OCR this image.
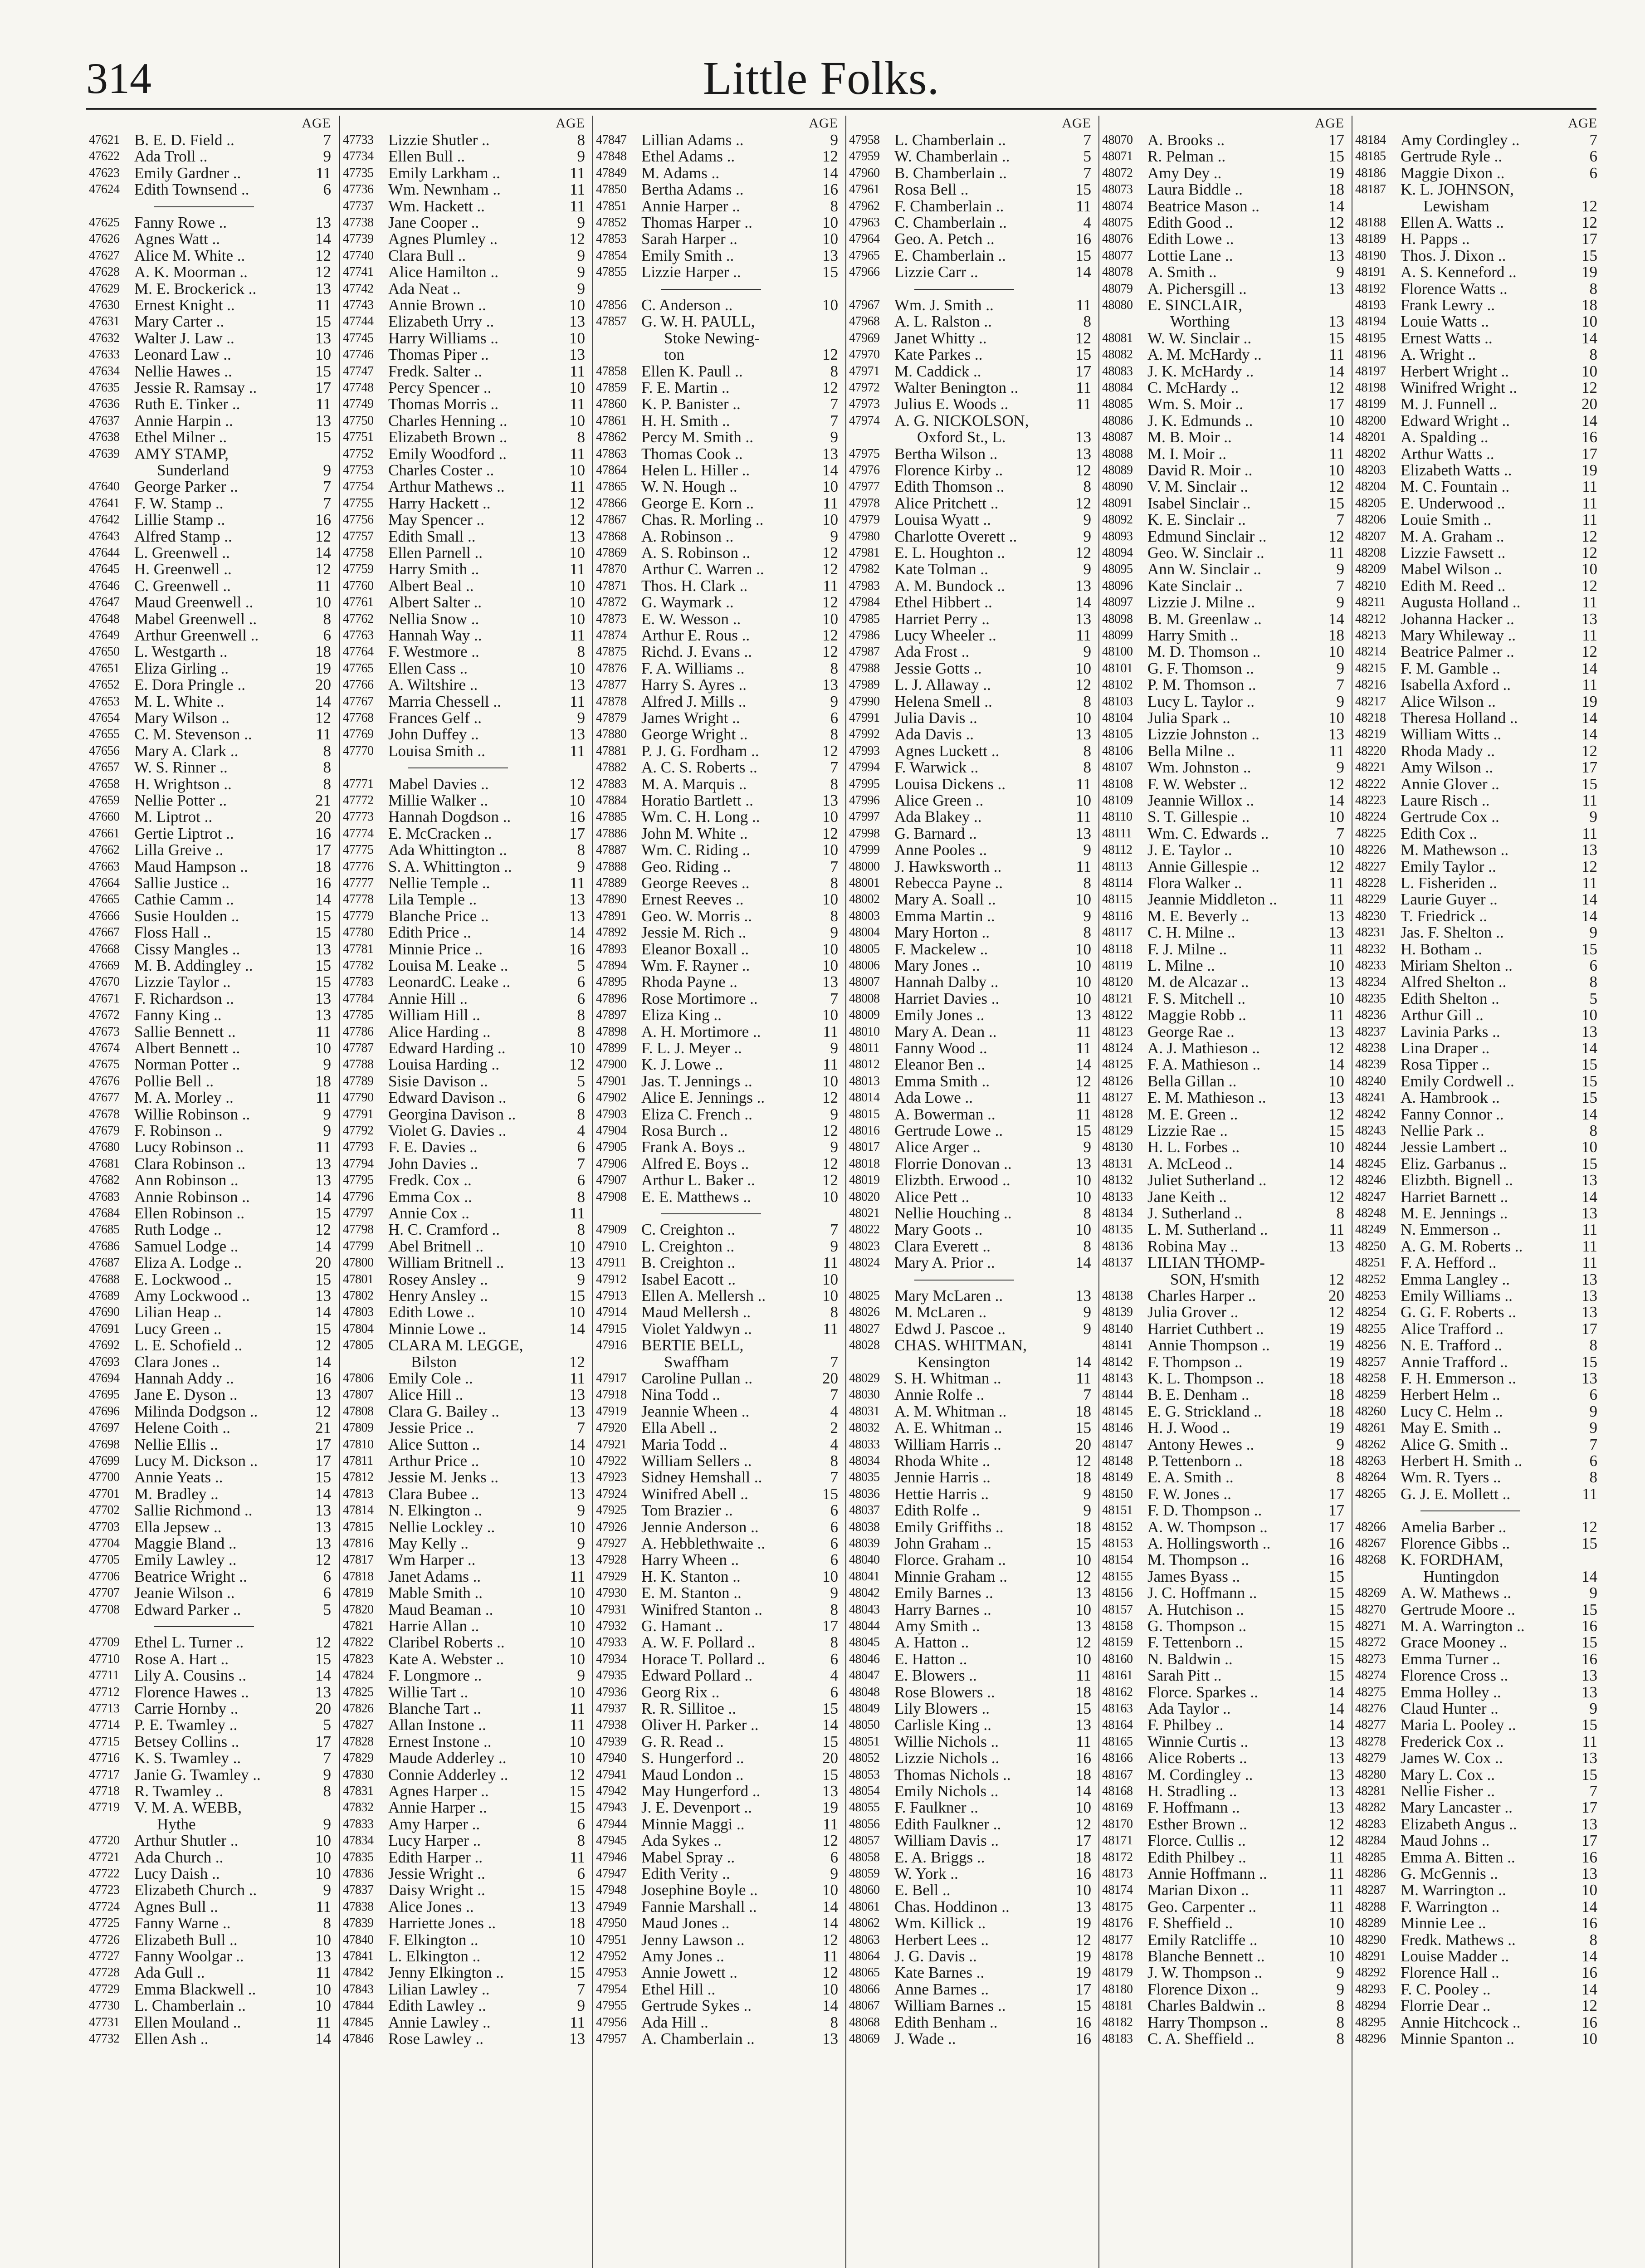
314	Little Folks.
AGE
47621 B. E. D. Field ..	7
47622 Ada Troll ..	9
47623 Emily Gardner ..	11
47624 Edith Townsend ..	6
47625 Fanny Rowe ..	13
47626 Agnes Watt ..	14
47627 Alice M. White ..	12
47628 A. K. Moorman ..	12
47629 M. E. Brockerick ..	13
47630 Ernest Knight ..	11
47631 Mary Carter ..	15
47632 Walter J. Law ..	13
47633 Leonard Law ..	10
47634 Nellie Hawes ..	15
47635 Jessie R. Ramsay ..	17
47636 Ruth E. Tinker ..	11
47637 Annie Harpin ..	13
47638 Ethel Milner ..	15
47639 AMY STAMP,
Sunderland	9
47640 George Parker ..	7
47641 F. W. Stamp ..	7
47642 Lillie Stamp ..	16
47643 Alfred Stamp ..	12
47644 L. Greenwell ..	14
47645 H. Greenwell ..	12
47646 C. Greenwell ..	11
47647 Maud Greenwell ..	10
47648 Mabel Greenwell ..	8
47649 Arthur Greenwell ..	6
47650 L. Westgarth ..	18
47651 Eliza Girling ..	19
47652 E. Dora Pringle ..	20
47653 M. L. White ..	14
47654 Mary Wilson ..	12
47655 C. M. Stevenson ..	11
47656 Mary A. Clark ..	8
47657 W. S. Rinner ..	8
47658 H. Wrightson ..	8
47659 Nellie Potter ..	21
47660 M. Liptrot ..	20
47661 Gertie Liptrot ..	16
47662 Lilla Greive ..	17
47663 Maud Hampson ..	18
47664 Sallie Justice ..	16
47665 Cathie Camm ..	14
47666 Susie Houlden ..	15
47667 Floss Hall ..	15
47668 Cissy Mangles ..	13
47669 M. B. Addingley ..	15
47670 Lizzie Taylor ..	15
47671 F. Richardson ..	13
47672 Fanny King ..	13
47673 Sallie Bennett ..	11
47674 Albert Bennett ..	10
47675 Norman Potter ..	9
47676 Pollie Bell ..	18
47677 M. A. Morley ..	11
47678 Willie Robinson ..	9
47679 F. Robinson ..	9
47680 Lucy Robinson ..	11
47681 Clara Robinson ..	13
47682 Ann Robinson ..	13
47683 Annie Robinson ..	14
47684 Ellen Robinson ..	15
47685 Ruth Lodge ..	12
47686 Samuel Lodge ..	14
47687 Eliza A. Lodge ..	20
47688 E. Lockwood ..	15
47689 Amy Lockwood ..	13
47690 Lilian Heap ..	14
47691 Lucy Green ..	15
47692 L. E. Schofield ..	12
47693 Clara Jones ..	14
47694 Hannah Addy ..	16
47695 Jane E. Dyson ..	13
47696 Milinda Dodgson ..	12
47697 Helene Coith ..	21
47698 Nellie Ellis ..	17
47699 Lucy M. Dickson ..	17
47700 Annie Yeats ..	15
47701 M. Bradley ..	14
47702 Sallie Richmond ..	13
47703 Ella Jepsew ..	13
47704 Maggie Bland ..	13
47705 Emily Lawley ..	12
47706 Beatrice Wright ..	6
47707 Jeanie Wilson ..	6
47708 Edward Parker ..	5
47709 Ethel L. Turner ..	12
47710 Rose A. Hart ..	15
47711 Lily A. Cousins ..	14
47712 Florence Hawes ..	13
47713 Carrie Hornby ..	20
47714 P. E. Twamley ..	5
47715 Betsey Collins ..	17
47716 K. S. Twamley ..	7
47717 Janie G. Twamley ..	9
47718 R. Twamley ..	8
47719 V. M. A. WEBB,
Hythe	9
47720 Arthur Shutler ..	10
47721 Ada Church ..	10
47722 Lucy Daish ..	10
47723 Elizabeth Church ..	9
47724 Agnes Bull ..	11
47725 Fanny Warne ..	8
47726 Elizabeth Bull ..	10
47727 Fanny Woolgar ..	13
47728 Ada Gull ..	11
47729 Emma Blackwell ..	10
47730 L. Chamberlain ..	10
47731 Ellen Mouland ..	11
47732 Ellen Ash ..	14
AGE
47733 Lizzie Shutler ..	8
47734 Ellen Bull ..	9
47735 Emily Larkham ..	11
47736 Wm. Newnham ..	11
47737 Wm. Hackett ..	11
47738 Jane Cooper ..	9
47739 Agnes Plumley ..	12
47740 Clara Bull ..	9
47741 Alice Hamilton ..	9
47742 Ada Neat ..	9
47743 Annie Brown ..	10
47744 Elizabeth Urry ..	13
47745 Harry Williams ..	10
47746 Thomas Piper ..	13
47747 Fredk. Salter ..	11
47748 Percy Spencer ..	10
47749 Thomas Morris ..	11
47750 Charles Henning ..	10
47751 Elizabeth Brown ..	8
47752 Emily Woodford ..	11
47753 Charles Coster ..	10
47754 Arthur Mathews ..	11
47755 Harry Hackett ..	12
47756 May Spencer ..	12
47757 Edith Small ..	13
47758 Ellen Parnell ..	10
47759 Harry Smith ..	11
47760 Albert Beal ..	10
47761 Albert Salter ..	10
47762 Nellia Snow ..	10
47763 Hannah Way ..	11
47764 F. Westmore ..	8
47765 Ellen Cass ..	10
47766 A. Wiltshire ..	13
47767 Marria Chessell ..	11
47768 Frances Gelf ..	9
47769 John Duffey ..	13
47770 Louisa Smith ..	11
47771 Mabel Davies ..	12
47772 Millie Walker ..	10
47773 Hannah Dogdson ..	16
47774 E. McCracken ..	17
47775 Ada Whittington ..	8
47776 S. A. Whittington ..	9
47777 Nellie Temple ..	11
47778 Lila Temple ..	13
47779 Blanche Price ..	13
47780 Edith Price ..	14
47781 Minnie Price ..	16
47782 Louisa M. Leake ..	5
47783 LeonardC. Leake ..	6
47784 Annie Hill ..	6
47785 William Hill ..	8
47786 Alice Harding ..	8
47787 Edward Harding ..	10
47788 Louisa Harding ..	12
47789 Sisie Davison ..	5
47790 Edward Davison ..	6
47791 Georgina Davison ..	8
47792 Violet G. Davies ..	4
47793 F. E. Davies ..	6
47794 John Davies ..	7
47795 Fredk. Cox ..	6
47796 Emma Cox ..	8
47797 Annie Cox ..	11
47798 H. C. Cramford ..	8
47799 Abel Britnell ..	10
47800 William Britnell ..	13
47801 Rosey Ansley ..	9
47802 Henry Ansley ..	15
47803 Edith Lowe ..	10
47804 Minnie Lowe ..	14
47805 CLARA M. LEGGE,
Bilston	12
47806 Emily Cole ..	11
47807 Alice Hill ..	13
47808 Clara G. Bailey ..	13
47809 Jessie Price ..	7
47810 Alice Sutton ..	14
47811 Arthur Price ..	10
47812 Jessie M. Jenks ..	13
47813 Clara Bubee ..	13
47814 N. Elkington ..	9
47815 Nellie Lockley ..	10
47816 May Kelly ..	9
47817 Wm Harper ..	13
47818 Janet Adams ..	11
47819 Mable Smith ..	10
47820 Maud Beaman ..	10
47821 Harrie Allan ..	10
47822 Claribel Roberts ..	10
47823 Kate A. Webster ..	10
47824 F. Longmore ..	9
47825 Willie Tart ..	10
47826 Blanche Tart ..	11
47827 Allan Instone ..	11
47828 Ernest Instone ..	10
47829 Maude Adderley ..	10
47830 Connie Adderley ..	12
47831 Agnes Harper ..	15
47832 Annie Harper ..	15
47833 Amy Harper ..	6
47834 Lucy Harper ..	8
47835 Edith Harper ..	11
47836 Jessie Wright ..	6
47837 Daisy Wright ..	15
47838 Alice Jones ..	13
47839 Harriette Jones ..	18
47840 F. Elkington ..	10
47841 L. Elkington ..	12
47842 Jenny Elkington ..	15
47843 Lilian Lawley ..	7
47844 Edith Lawley ..	9
47845 Annie Lawley ..	11
47846 Rose Lawley ..	13
AGE
47847 Lillian Adams ..	9
47848 Ethel Adams ..	12
47849 M. Adams ..	14
47850 Bertha Adams ..	16
47851 Annie Harper ..	8
47852 Thomas Harper ..	10
47853 Sarah Harper ..	10
47854 Emily Smith ..	13
47855 Lizzie Harper ..	15
47856 C. Anderson ..	10
47857 G. W. H. PAULL,
Stoke Newing-
ton	12
47858 Ellen K. Paull ..	8
47859 F. E. Martin ..	12
47860 K. P. Banister ..	7
47861 H. H. Smith ..	7
47862 Percy M. Smith ..	9
47863 Thomas Cook ..	13
47864 Helen L. Hiller ..	14
47865 W. N. Hough ..	10
47866 George E. Korn ..	11
47867 Chas. R. Morling ..	10
47868 A. Robinson ..	9
47869 A. S. Robinson ..	12
47870 Arthur C. Warren ..	12
47871 Thos. H. Clark ..	11
47872 G. Waymark ..	12
47873 E. W. Wesson ..	10
47874 Arthur E. Rous ..	12
47875 Richd. J. Evans ..	12
47876 F. A. Williams ..	8
47877 Harry S. Ayres ..	13
47878 Alfred J. Mills ..	9
47879 James Wright ..	6
47880 George Wright ..	8
47881 P. J. G. Fordham ..	12
47882 A. C. S. Roberts ..	7
47883 M. A. Marquis ..	8
47884 Horatio Bartlett ..	13
47885 Wm. C. H. Long ..	10
47886 John M. White ..	12
47887 Wm. C. Riding ..	10
47888 Geo. Riding ..	7
47889 George Reeves ..	8
47890 Ernest Reeves ..	10
47891 Geo. W. Morris ..	8
47892 Jessie M. Rich ..	9
47893 Eleanor Boxall ..	10
47894 Wm. F. Rayner ..	10
47895 Rhoda Payne ..	13
47896 Rose Mortimore ..	7
47897 Eliza King ..	10
47898 A. H. Mortimore ..	11
47899 F. L. J. Meyer ..	9
47900 K. J. Lowe ..	11
47901 Jas. T. Jennings ..	10
47902 Alice E. Jennings ..	12
47903 Eliza C. French ..	9
47904 Rosa Burch ..	12
47905 Frank A. Boys ..	9
47906 Alfred E. Boys ..	12
47907 Arthur L. Baker ..	12
47908 E. E. Matthews ..	10
47909 C. Creighton ..	7
47910 L. Creighton ..	9
47911 B. Creighton ..	11
47912 Isabel Eacott ..	10
47913 Ellen A. Mellersh ..	10
47914 Maud Mellersh ..	8
47915 Violet Yaldwyn ..	11
47916 BERTIE BELL,
Swaffham	7
47917 Caroline Pullan ..	20
47918 Nina Todd ..	7
47919 Jeannie Wheen ..	4
47920 Ella Abell ..	2
47921 Maria Todd ..	4
47922 William Sellers ..	8
47923 Sidney Hemshall ..	7
47924 Winifred Abell ..	15
47925 Tom Brazier ..	6
47926 Jennie Anderson ..	6
47927 A. Hebblethwaite ..	6
47928 Harry Wheen ..	6
47929 H. K. Stanton ..	10
47930 E. M. Stanton ..	9
47931 Winifred Stanton ..	8
47932 G. Hamant ..	17
47933 A. W. F. Pollard ..	8
47934 Horace T. Pollard ..	6
47935 Edward Pollard ..	4
47936 Georg Rix ..	6
47937 R. R. Sillitoe ..	15
47938 Oliver H. Parker ..	14
47939 G. R. Read ..	15
47940 S. Hungerford ..	20
47941 Maud London ..	15
47942 May Hungerford ..	13
47943 J. E. Devenport ..	19
47944 Minnie Maggi ..	11
47945 Ada Sykes ..	12
47946 Mabel Spray ..	6
47947 Edith Verity ..	9
47948 Josephine Boyle ..	10
47949 Fannie Marshall ..	14
47950 Maud Jones ..	14
47951 Jenny Lawson ..	12
47952 Amy Jones ..	11
47953 Annie Jowett ..	12
47954 Ethel Hill ..	10
47955 Gertrude Sykes ..	14
47956 Ada Hill ..	8
47957 A. Chamberlain ..	13
AGE
47958 L. Chamberlain ..	7
47959 W. Chamberlain ..	5
47960 B. Chamberlain ..	7
47961 Rosa Bell ..	15
47962 F. Chamberlain ..	11
47963 C. Chamberlain ..	4
47964 Geo. A. Petch ..	16
47965 E. Chamberlain ..	15
47966 Lizzie Carr ..	14
47967 Wm. J. Smith ..	11
47968 A. L. Ralston ..	8
47969 Janet Whitty ..	12
47970 Kate Parkes ..	15
47971 M. Caddick ..	17
47972 Walter Benington ..	11
47973 Julius E. Woods ..	11
47974 A. G. NICKOLSON,
Oxford St., L.	13
47975 Bertha Wilson ..	13
47976 Florence Kirby ..	12
47977 Edith Thomson ..	8
47978 Alice Pritchett ..	12
47979 Louisa Wyatt ..	9
47980 Charlotte Overett ..	9
47981 E. L. Houghton ..	12
47982 Kate Tolman ..	9
47983 A. M. Bundock ..	13
47984 Ethel Hibbert ..	14
47985 Harriet Perry ..	13
47986 Lucy Wheeler ..	11
47987 Ada Frost ..	9
47988 Jessie Gotts ..	10
47989 L. J. Allaway ..	12
47990 Helena Smell ..	8
47991 Julia Davis ..	10
47992 Ada Davis ..	13
47993 Agnes Luckett ..	8
47994 F. Warwick ..	8
47995 Louisa Dickens ..	11
47996 Alice Green ..	10
47997 Ada Blakey ..	11
47998 G. Barnard ..	13
47999 Anne Pooles ..	9
48000 J. Hawksworth ..	11
48001 Rebecca Payne ..	8
48002 Mary A. Soall ..	10
48003 Emma Martin ..	9
48004 Mary Horton ..	8
48005 F. Mackelew ..	10
48006 Mary Jones ..	10
48007 Hannah Dalby ..	10
48008 Harriet Davies ..	10
48009 Emily Jones ..	13
48010 Mary A. Dean ..	11
48011 Fanny Wood ..	11
48012 Eleanor Ben ..	14
48013 Emma Smith ..	12
48014 Ada Lowe ..	11
48015 A. Bowerman ..	11
48016 Gertrude Lowe ..	15
48017 Alice Arger ..	9
48018 Florrie Donovan ..	13
48019 Elizbth. Erwood ..	10
48020 Alice Pett ..	10
48021 Nellie Houching ..	8
48022 Mary Goots ..	10
48023 Clara Everett ..	8
48024 Mary A. Prior ..	14
48025 Mary McLaren ..	13
48026 M. McLaren ..	9
48027 Edwd J. Pascoe ..	9
48028 CHAS. WHITMAN,
Kensington	14
48029 S. H. Whitman ..	11
48030 Annie Rolfe ..	7
48031 A. M. Whitman ..	18
48032 A. E. Whitman ..	15
48033 William Harris ..	20
48034 Rhoda White ..	12
48035 Jennie Harris ..	18
48036 Hettie Harris ..	9
48037 Edith Rolfe ..	9
48038 Emily Griffiths ..	18
48039 John Graham ..	15
48040 Florce. Graham ..	10
48041 Minnie Graham ..	12
48042 Emily Barnes ..	13
48043 Harry Barnes ..	10
48044 Amy Smith ..	13
48045 A. Hatton ..	12
48046 E. Hatton ..	10
48047 E. Blowers ..	11
48048 Rose Blowers ..	18
48049 Lily Blowers ..	15
48050 Carlisle King ..	13
48051 Willie Nichols ..	11
48052 Lizzie Nichols ..	16
48053 Thomas Nichols ..	18
48054 Emily Nichols ..	14
48055 F. Faulkner ..	10
48056 Edith Faulkner ..	12
48057 William Davis ..	17
48058 E. A. Briggs ..	18
48059 W. York ..	16
48060 E. Bell ..	10
48061 Chas. Hoddinon ..	13
48062 Wm. Killick ..	19
48063 Herbert Lees ..	12
48064 J. G. Davis ..	19
48065 Kate Barnes ..	19
48066 Anne Barnes ..	17
48067 William Barnes ..	15
48068 Edith Benham ..	16
48069 J. Wade ..	16
AGE
48070 A. Brooks ..	17
48071 R. Pelman ..	15
48072 Amy Dey ..	19
48073 Laura Biddle ..	18
48074 Beatrice Mason ..	14
48075 Edith Good ..	12
48076 Edith Lowe ..	13
48077 Lottie Lane ..	13
48078 A. Smith ..	9
48079 A. Pichersgill ..	13
48080 E. SINCLAIR,
Worthing	13
48081 W. W. Sinclair ..	15
48082 A. M. McHardy ..	11
48083 J. K. McHardy ..	14
48084 C. McHardy ..	12
48085 Wm. S. Moir ..	17
48086 J. K. Edmunds ..	10
48087 M. B. Moir ..	14
48088 M. I. Moir ..	11
48089 David R. Moir ..	10
48090 V. M. Sinclair ..	12
48091 Isabel Sinclair ..	15
48092 K. E. Sinclair ..	7
48093 Edmund Sinclair ..	12
48094 Geo. W. Sinclair ..	11
48095 Ann W. Sinclair ..	9
48096 Kate Sinclair ..	7
48097 Lizzie J. Milne ..	9
48098 B. M. Greenlaw ..	14
48099 Harry Smith ..	18
48100 M. D. Thomson ..	10
48101 G. F. Thomson ..	9
48102 P. M. Thomson ..	7
48103 Lucy L. Taylor ..	9
48104 Julia Spark ..	10
48105 Lizzie Johnston ..	13
48106 Bella Milne ..	11
48107 Wm. Johnston ..	9
48108 F. W. Webster ..	12
48109 Jeannie Willox ..	14
48110 S. T. Gillespie ..	10
48111 Wm. C. Edwards ..	7
48112 J. E. Taylor ..	10
48113 Annie Gillespie ..	12
48114 Flora Walker ..	11
48115 Jeannie Middleton ..	11
48116 M. E. Beverly ..	13
48117 C. H. Milne ..	13
48118 F. J. Milne ..	11
48119 L. Milne ..	10
48120 M. de Alcazar ..	13
48121 F. S. Mitchell ..	10
48122 Maggie Robb ..	11
48123 George Rae ..	13
48124 A. J. Mathieson ..	12
48125 F. A. Mathieson ..	14
48126 Bella Gillan ..	10
48127 E. M. Mathieson ..	13
48128 M. E. Green ..	12
48129 Lizzie Rae ..	15
48130 H. L. Forbes ..	10
48131 A. McLeod ..	14
48132 Juliet Sutherland ..	12
48133 Jane Keith ..	12
48134 J. Sutherland ..	8
48135 L. M. Sutherland ..	11
48136 Robina May ..	13
48137 LILIAN THOMP-
SON, H'smith	12
48138 Charles Harper ..	20
48139 Julia Grover ..	12
48140 Harriet Cuthbert ..	19
48141 Annie Thompson ..	19
48142 F. Thompson ..	19
48143 K. L. Thompson ..	18
48144 B. E. Denham ..	18
48145 E. G. Strickland ..	18
48146 H. J. Wood ..	19
48147 Antony Hewes ..	9
48148 P. Tettenborn ..	18
48149 E. A. Smith ..	8
48150 F. W. Jones ..	17
48151 F. D. Thompson ..	17
48152 A. W. Thompson ..	17
48153 A. Hollingsworth ..	16
48154 M. Thompson ..	16
48155 James Byass ..	15
48156 J. C. Hoffmann ..	15
48157 A. Hutchison ..	15
48158 G. Thompson ..	15
48159 F. Tettenborn ..	15
48160 N. Baldwin ..	15
48161 Sarah Pitt ..	15
48162 Florce. Sparkes ..	14
48163 Ada Taylor ..	14
48164 F. Philbey ..	14
48165 Winnie Curtis ..	13
48166 Alice Roberts ..	13
48167 M. Cordingley ..	13
48168 H. Stradling ..	13
48169 F. Hoffmann ..	13
48170 Esther Brown ..	12
48171 Florce. Cullis ..	12
48172 Edith Philbey ..	11
48173 Annie Hoffmann ..	11
48174 Marian Dixon ..	11
48175 Geo. Carpenter ..	11
48176 F. Sheffield ..	10
48177 Emily Ratcliffe ..	10
48178 Blanche Bennett ..	10
48179 J. W. Thompson ..	9
48180 Florence Dixon ..	9
48181 Charles Baldwin ..	8
48182 Harry Thompson ..	8
48183 C. A. Sheffield ..	8
AGE
48184 Amy Cordingley ..	7
48185 Gertrude Ryle ..	6
48186 Maggie Dixon ..	6
48187 K. L. JOHNSON,
Lewisham	12
48188 Ellen A. Watts ..	12
48189 H. Papps ..	17
48190 Thos. J. Dixon ..	15
48191 A. S. Kenneford ..	19
48192 Florence Watts ..	8
48193 Frank Lewry ..	18
48194 Louie Watts ..	10
48195 Ernest Watts ..	14
48196 A. Wright ..	8
48197 Herbert Wright ..	10
48198 Winifred Wright ..	12
48199 M. J. Funnell ..	20
48200 Edward Wright ..	14
48201 A. Spalding ..	16
48202 Arthur Watts ..	17
48203 Elizabeth Watts ..	19
48204 M. C. Fountain ..	11
48205 E. Underwood ..	11
48206 Louie Smith ..	11
48207 M. A. Graham ..	12
48208 Lizzie Fawsett ..	12
48209 Mabel Wilson ..	10
48210 Edith M. Reed ..	12
48211 Augusta Holland ..	11
48212 Johanna Hacker ..	13
48213 Mary Whileway ..	11
48214 Beatrice Palmer ..	12
48215 F. M. Gamble ..	14
48216 Isabella Axford ..	11
48217 Alice Wilson ..	19
48218 Theresa Holland ..	14
48219 William Witts ..	14
48220 Rhoda Mady ..	12
48221 Amy Wilson ..	17
48222 Annie Glover ..	15
48223 Laure Risch ..	11
48224 Gertrude Cox ..	9
48225 Edith Cox ..	11
48226 M. Mathewson ..	13
48227 Emily Taylor ..	12
48228 L. Fisheriden ..	11
48229 Laurie Guyer ..	14
48230 T. Friedrick ..	14
48231 Jas. F. Shelton ..	9
48232 H. Botham ..	15
48233 Miriam Shelton ..	6
48234 Alfred Shelton ..	8
48235 Edith Shelton ..	5
48236 Arthur Gill ..	10
48237 Lavinia Parks ..	13
48238 Lina Draper ..	14
48239 Rosa Tipper ..	15
48240 Emily Cordwell ..	15
48241 A. Hambrook ..	15
48242 Fanny Connor ..	14
48243 Nellie Park ..	8
48244 Jessie Lambert ..	10
48245 Eliz. Garbanus ..	15
48246 Elizbth. Bignell ..	13
48247 Harriet Barnett ..	14
48248 M. E. Jennings ..	13
48249 N. Emmerson ..	11
48250 A. G. M. Roberts ..	11
48251 F. A. Hefford ..	11
48252 Emma Langley ..	13
48253 Emily Williams ..	13
48254 G. G. F. Roberts ..	13
48255 Alice Trafford ..	17
48256 N. E. Trafford ..	8
48257 Annie Trafford ..	15
48258 F. H. Emmerson ..	13
48259 Herbert Helm ..	6
48260 Lucy C. Helm ..	9
48261 May E. Smith ..	9
48262 Alice G. Smith ..	7
48263 Herbert H. Smith ..	6
48264 Wm. R. Tyers ..	8
48265 G. J. E. Mollett ..	11
48266 Amelia Barber ..	12
48267 Florence Gibbs ..	15
48268 K. FORDHAM,
Huntingdon	14
48269 A. W. Mathews ..	9
48270 Gertrude Moore ..	15
48271 M. A. Warrington ..	16
48272 Grace Mooney ..	15
48273 Emma Turner ..	16
48274 Florence Cross ..	13
48275 Emma Holley ..	13
48276 Claud Hunter ..	9
48277 Maria L. Pooley ..	15
48278 Frederick Cox ..	11
48279 James W. Cox ..	13
48280 Mary L. Cox ..	15
48281 Nellie Fisher ..	7
48282 Mary Lancaster ..	17
48283 Elizabeth Angus ..	13
48284 Maud Johns ..	17
48285 Emma A. Bitten ..	16
48286 G. McGennis ..	13
48287 M. Warrington ..	10
48288 F. Warrington ..	14
48289 Minnie Lee ..	16
48290 Fredk. Mathews ..	8
48291 Louise Madder ..	14
48292 Florence Hall ..	16
48293 F. C. Pooley ..	14
48294 Florrie Dear ..	12
48295 Annie Hitchcock ..	16
48296 Minnie Spanton ..	10
